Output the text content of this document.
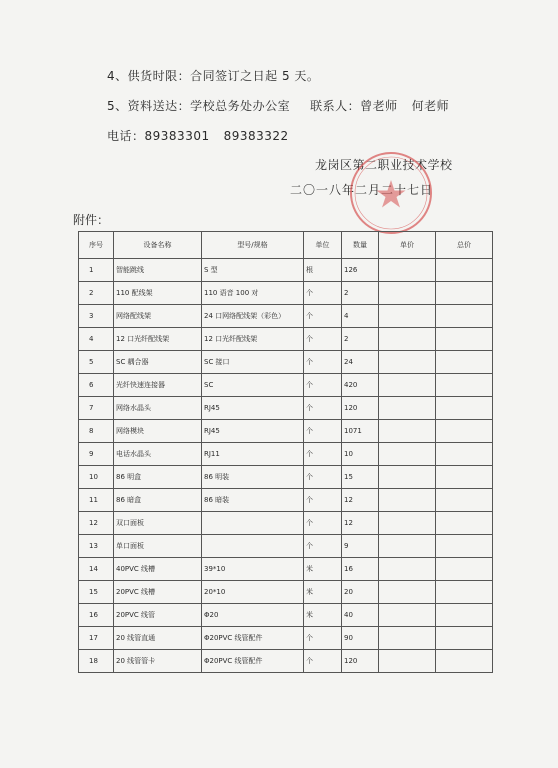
4、供货时限：合同签订之日起 5 天。
5、资料送达：学校总务处办公室 联系人：曾老师 何老师
电话：89383301 89383322
龙岗区第二职业技术学校
二〇一八年二月二十七日
附件：
序号	设备名称	型号/规格	单位	数量	单价	总价
1	智能跳线	S 型	根	126		
2	110 配线架	110 语音 100 对	个	2		
3	网络配线架	24 口网络配线架（彩色）	个	4		
4	12 口光纤配线架	12 口光纤配线架	个	2		
5	SC 耦合器	SC 接口	个	24		
6	光纤快速连接器	SC	个	420		
7	网络水晶头	RJ45	个	120		
8	网络模块	RJ45	个	1071		
9	电话水晶头	RJ11	个	10		
10	86 明盒	86 明装	个	15		
11	86 暗盒	86 暗装	个	12		
12	双口面板		个	12		
13	单口面板		个	9		
14	40PVC 线槽	39*10	米	16		
15	20PVC 线槽	20*10	米	20		
16	20PVC 线管	Φ20	米	40		
17	20 线管直通	Φ20PVC 线管配件	个	90		
18	20 线管管卡	Φ20PVC 线管配件	个	120		
